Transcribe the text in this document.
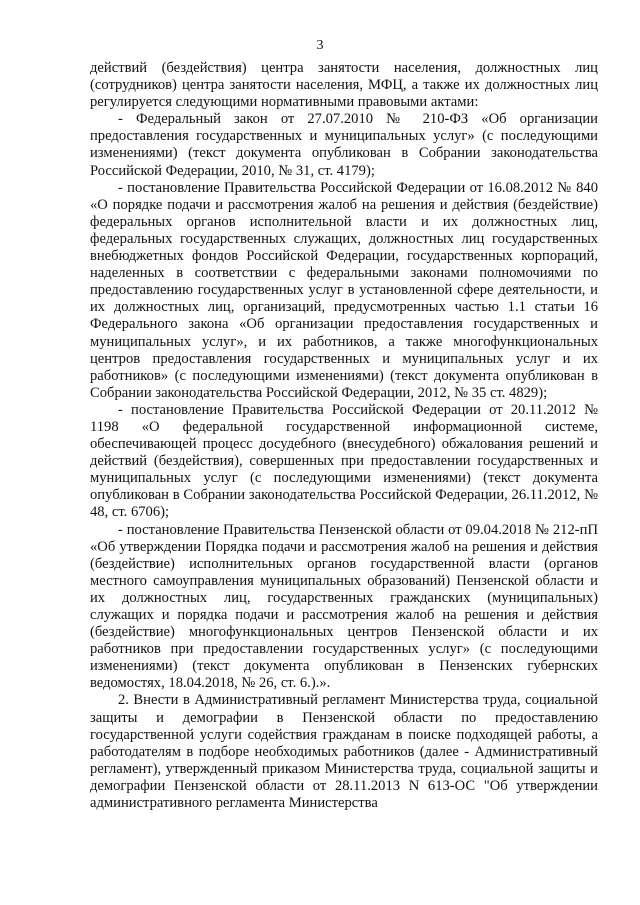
3

действий (бездействия) центра занятости населения, должностных лиц (сотрудников) центра занятости населения, МФЦ, а также их должностных лиц регулируется следующими нормативными правовыми актами:

- Федеральный закон от 27.07.2010 № 210-ФЗ «Об организации предоставления государственных и муниципальных услуг» (с последующими изменениями) (текст документа опубликован в Собрании законодательства Российской Федерации, 2010, № 31, ст. 4179);

- постановление Правительства Российской Федерации от 16.08.2012 № 840 «О порядке подачи и рассмотрения жалоб на решения и действия (бездействие) федеральных органов исполнительной власти и их должностных лиц, федеральных государственных служащих, должностных лиц государственных внебюджетных фондов Российской Федерации, государственных корпораций, наделенных в соответствии с федеральными законами полномочиями по предоставлению государственных услуг в установленной сфере деятельности, и их должностных лиц, организаций, предусмотренных частью 1.1 статьи 16 Федерального закона «Об организации предоставления государственных и муниципальных услуг», и их работников, а также многофункциональных центров предоставления государственных и муниципальных услуг и их работников» (с последующими изменениями) (текст документа опубликован в Собрании законодательства Российской Федерации, 2012, № 35 ст. 4829);

- постановление Правительства Российской Федерации от 20.11.2012 № 1198 «О федеральной государственной информационной системе, обеспечивающей процесс досудебного (внесудебного) обжалования решений и действий (бездействия), совершенных при предоставлении государственных и муниципальных услуг (с последующими изменениями) (текст документа опубликован в Собрании законодательства Российской Федерации, 26.11.2012, № 48, ст. 6706);

- постановление Правительства Пензенской области от 09.04.2018 № 212-пП «Об утверждении Порядка подачи и рассмотрения жалоб на решения и действия (бездействие) исполнительных органов государственной власти (органов местного самоуправления муниципальных образований) Пензенской области и их должностных лиц, государственных гражданских (муниципальных) служащих и порядка подачи и рассмотрения жалоб на решения и действия (бездействие) многофункциональных центров Пензенской области и их работников при предоставлении государственных услуг» (с последующими изменениями) (текст документа опубликован в Пензенских губернских ведомостях, 18.04.2018, № 26, ст. 6.).».

2. Внести в Административный регламент Министерства труда, социальной защиты и демографии в Пензенской области по предоставлению государственной услуги содействия гражданам в поиске подходящей работы, а работодателям в подборе необходимых работников (далее - Административный регламент), утвержденный приказом Министерства труда, социальной защиты и демографии Пензенской области от 28.11.2013 N 613-ОС "Об утверждении административного регламента Министерства
